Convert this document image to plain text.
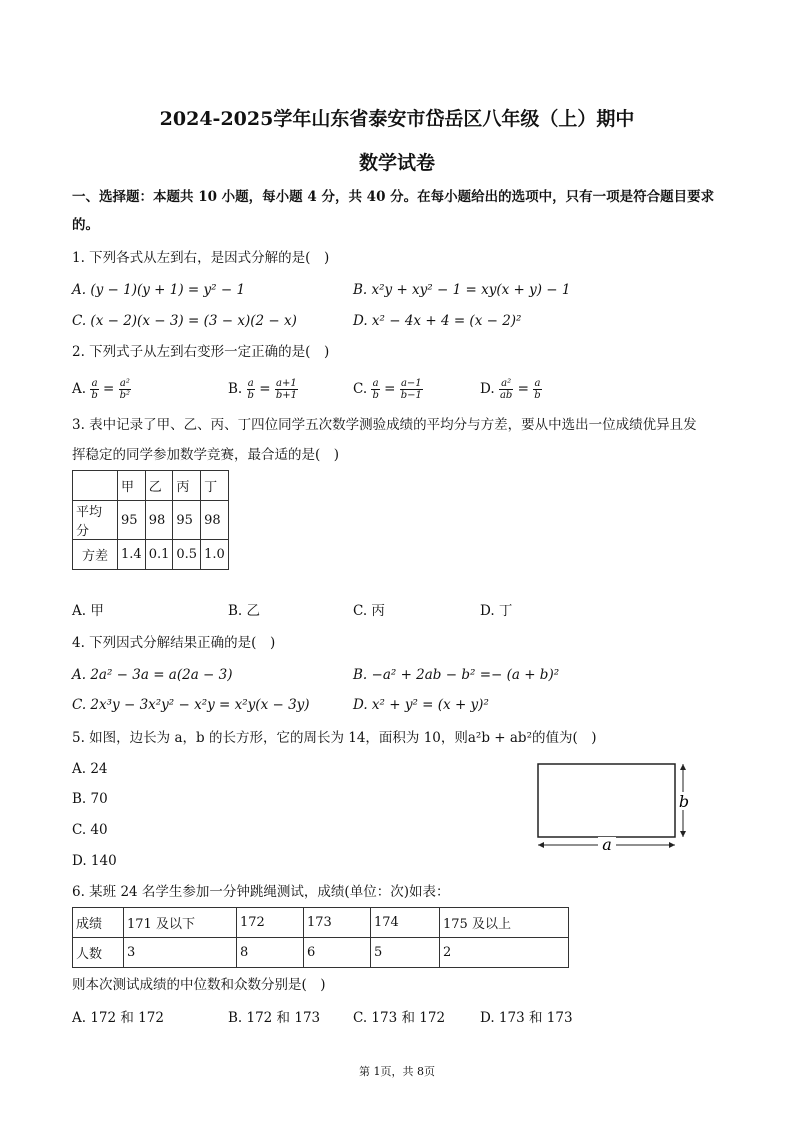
2024-2025学年山东省泰安市岱岳区八年级（上）期中
数学试卷
一、选择题：本题共 10 小题，每小题 4 分，共 40 分。在每小题给出的选项中，只有一项是符合题目要求
的。
1. 下列各式从左到右，是因式分解的是(　)
A. (y − 1)(y + 1) = y² − 1	B. x²y + xy² − 1 = xy(x + y) − 1
C. (x − 2)(x − 3) = (3 − x)(2 − x)	D. x² − 4x + 4 = (x − 2)²
2. 下列式子从左到右变形一定正确的是(　)
A. $\frac{a}{b} = \frac{\text{a²}}{\text{b²}}$	B. $\frac{a}{b} = \frac{a+1}{b+1}$	C. $\frac{a}{b} = \frac{a-1}{b-1}$	D. $\frac{\text{a²}}{ab} = \frac{a}{b}$
3. 表中记录了甲、乙、丙、丁四位同学五次数学测验成绩的平均分与方差，要从中选出一位成绩优异且发
挥稳定的同学参加数学竞赛，最合适的是(　)
	甲	乙	丙	丁
平均分	95	98	95	98
方差	1.4	0.1	0.5	1.0
A. 甲	B. 乙	C. 丙	D. 丁
4. 下列因式分解结果正确的是(　)
A. 2a² − 3a = a(2a − 3)	B. −a² + 2ab − b² =− (a + b)²
C. 2x³y − 3x²y² − x²y = x²y(x − 3y)	D. x² + y² = (x + y)²
5. 如图，边长为 a，b 的长方形，它的周长为 14，面积为 10，则a²b + ab²的值为(　)
A. 24
B. 70
C. 40
D. 140
a
b
6. 某班 24 名学生参加一分钟跳绳测试，成绩(单位：次)如表：
成绩	171 及以下	172	173	174	175 及以上
人数	3	8	6	5	2
则本次测试成绩的中位数和众数分别是(　)
A. 172 和 172	B. 172 和 173 C. 173 和 172	D. 173 和 173
第 1页，共 8页
